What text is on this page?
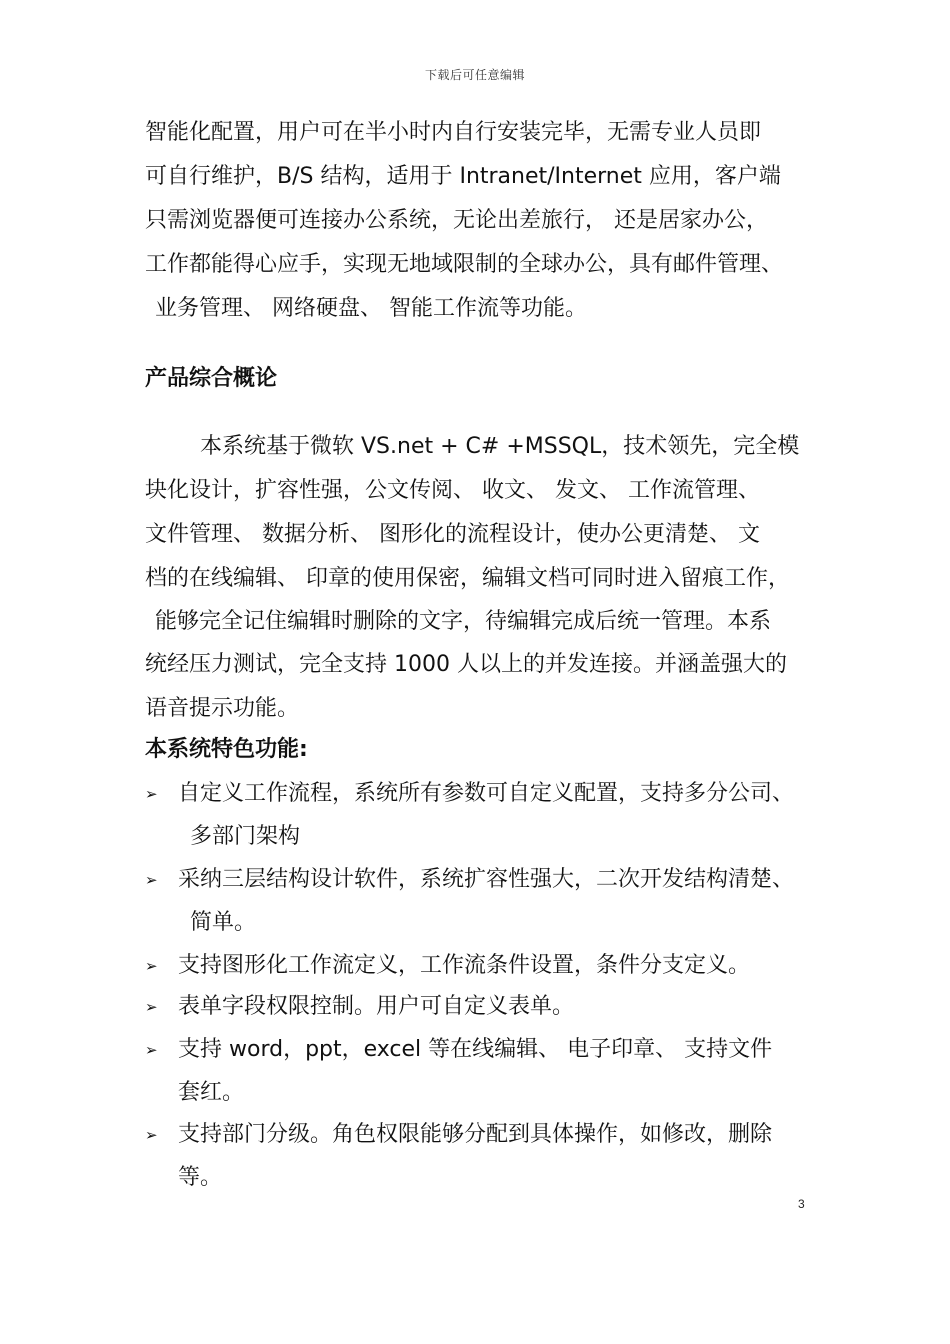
下载后可任意编辑
智能化配置，用户可在半小时内自行安装完毕，无需专业人员即
可自行维护，B/S 结构，适用于 Intranet/Internet 应用，客户端
只需浏览器便可连接办公系统，无论出差旅行， 还是居家办公，
工作都能得心应手，实现无地域限制的全球办公，具有邮件管理、
业务管理、 网络硬盘、 智能工作流等功能。
产品综合概论
本系统基于微软 VS.net + C# +MSSQL，技术领先，完全模
块化设计，扩容性强，公文传阅、 收文、 发文、 工作流管理、
文件管理、 数据分析、 图形化的流程设计，使办公更清楚、 文
档的在线编辑、 印章的使用保密，编辑文档可同时进入留痕工作，
能够完全记住编辑时删除的文字，待编辑完成后统一管理。本系
统经压力测试，完全支持 1000 人以上的并发连接。并涵盖强大的
语音提示功能。
本系统特色功能:
➢ 自定义工作流程，系统所有参数可自定义配置，支持多分公司、
多部门架构
➢ 采纳三层结构设计软件，系统扩容性强大，二次开发结构清楚、
简单。
➢ 支持图形化工作流定义，工作流条件设置，条件分支定义。
➢ 表单字段权限控制。用户可自定义表单。
➢ 支持 word，ppt，excel 等在线编辑、 电子印章、 支持文件
套红。
➢ 支持部门分级。角色权限能够分配到具体操作，如修改，删除
等。
3
